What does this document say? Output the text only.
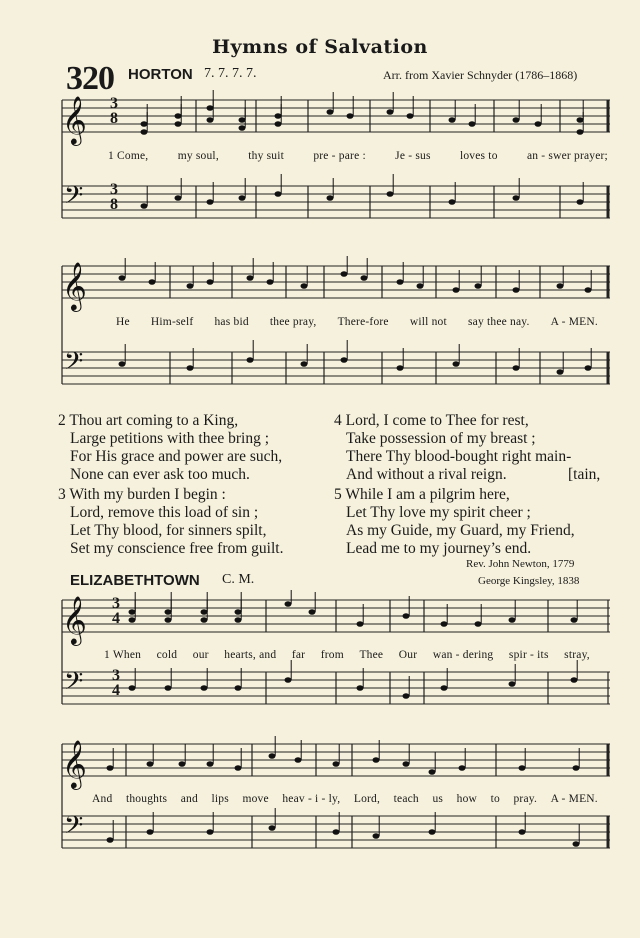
Hymns of Salvation
320 HORTON 7. 7. 7. 7.	Arr. from Xavier Schnyder (1786–1868)
𝄞
𝄢
1 Come,	my soul,	thy suit	pre - pare :	Je - sus	loves to	an - swer prayer;
𝄞
𝄢
He Him-self has bid thee pray, There-fore will not say thee nay. A - MEN.
2 Thou art coming to a King,
Large petitions with thee bring ;
For His grace and power are such,
None can ever ask too much.
3 With my burden I begin :
Lord, remove this load of sin ;
Let Thy blood, for sinners spilt,
Set my conscience free from guilt.
4 Lord, I come to Thee for rest,
Take possession of my breast ;
There Thy blood-bought right main-
And without a rival reign.	[tain,
5 While I am a pilgrim here,
Let Thy love my spirit cheer ;
As my Guide, my Guard, my Friend,
Lead me to my journey’s end.
Rev. John Newton, 1779
ELIZABETHTOWN C. M.	George Kingsley, 1838
𝄞
𝄢
1 When cold our hearts, and far from Thee Our wan - dering spir - its stray,
𝄞
𝄢
And thoughts and lips move heav - i - ly, Lord, teach us how to pray. A - MEN.
3
8
3
8
3
4
3
4
